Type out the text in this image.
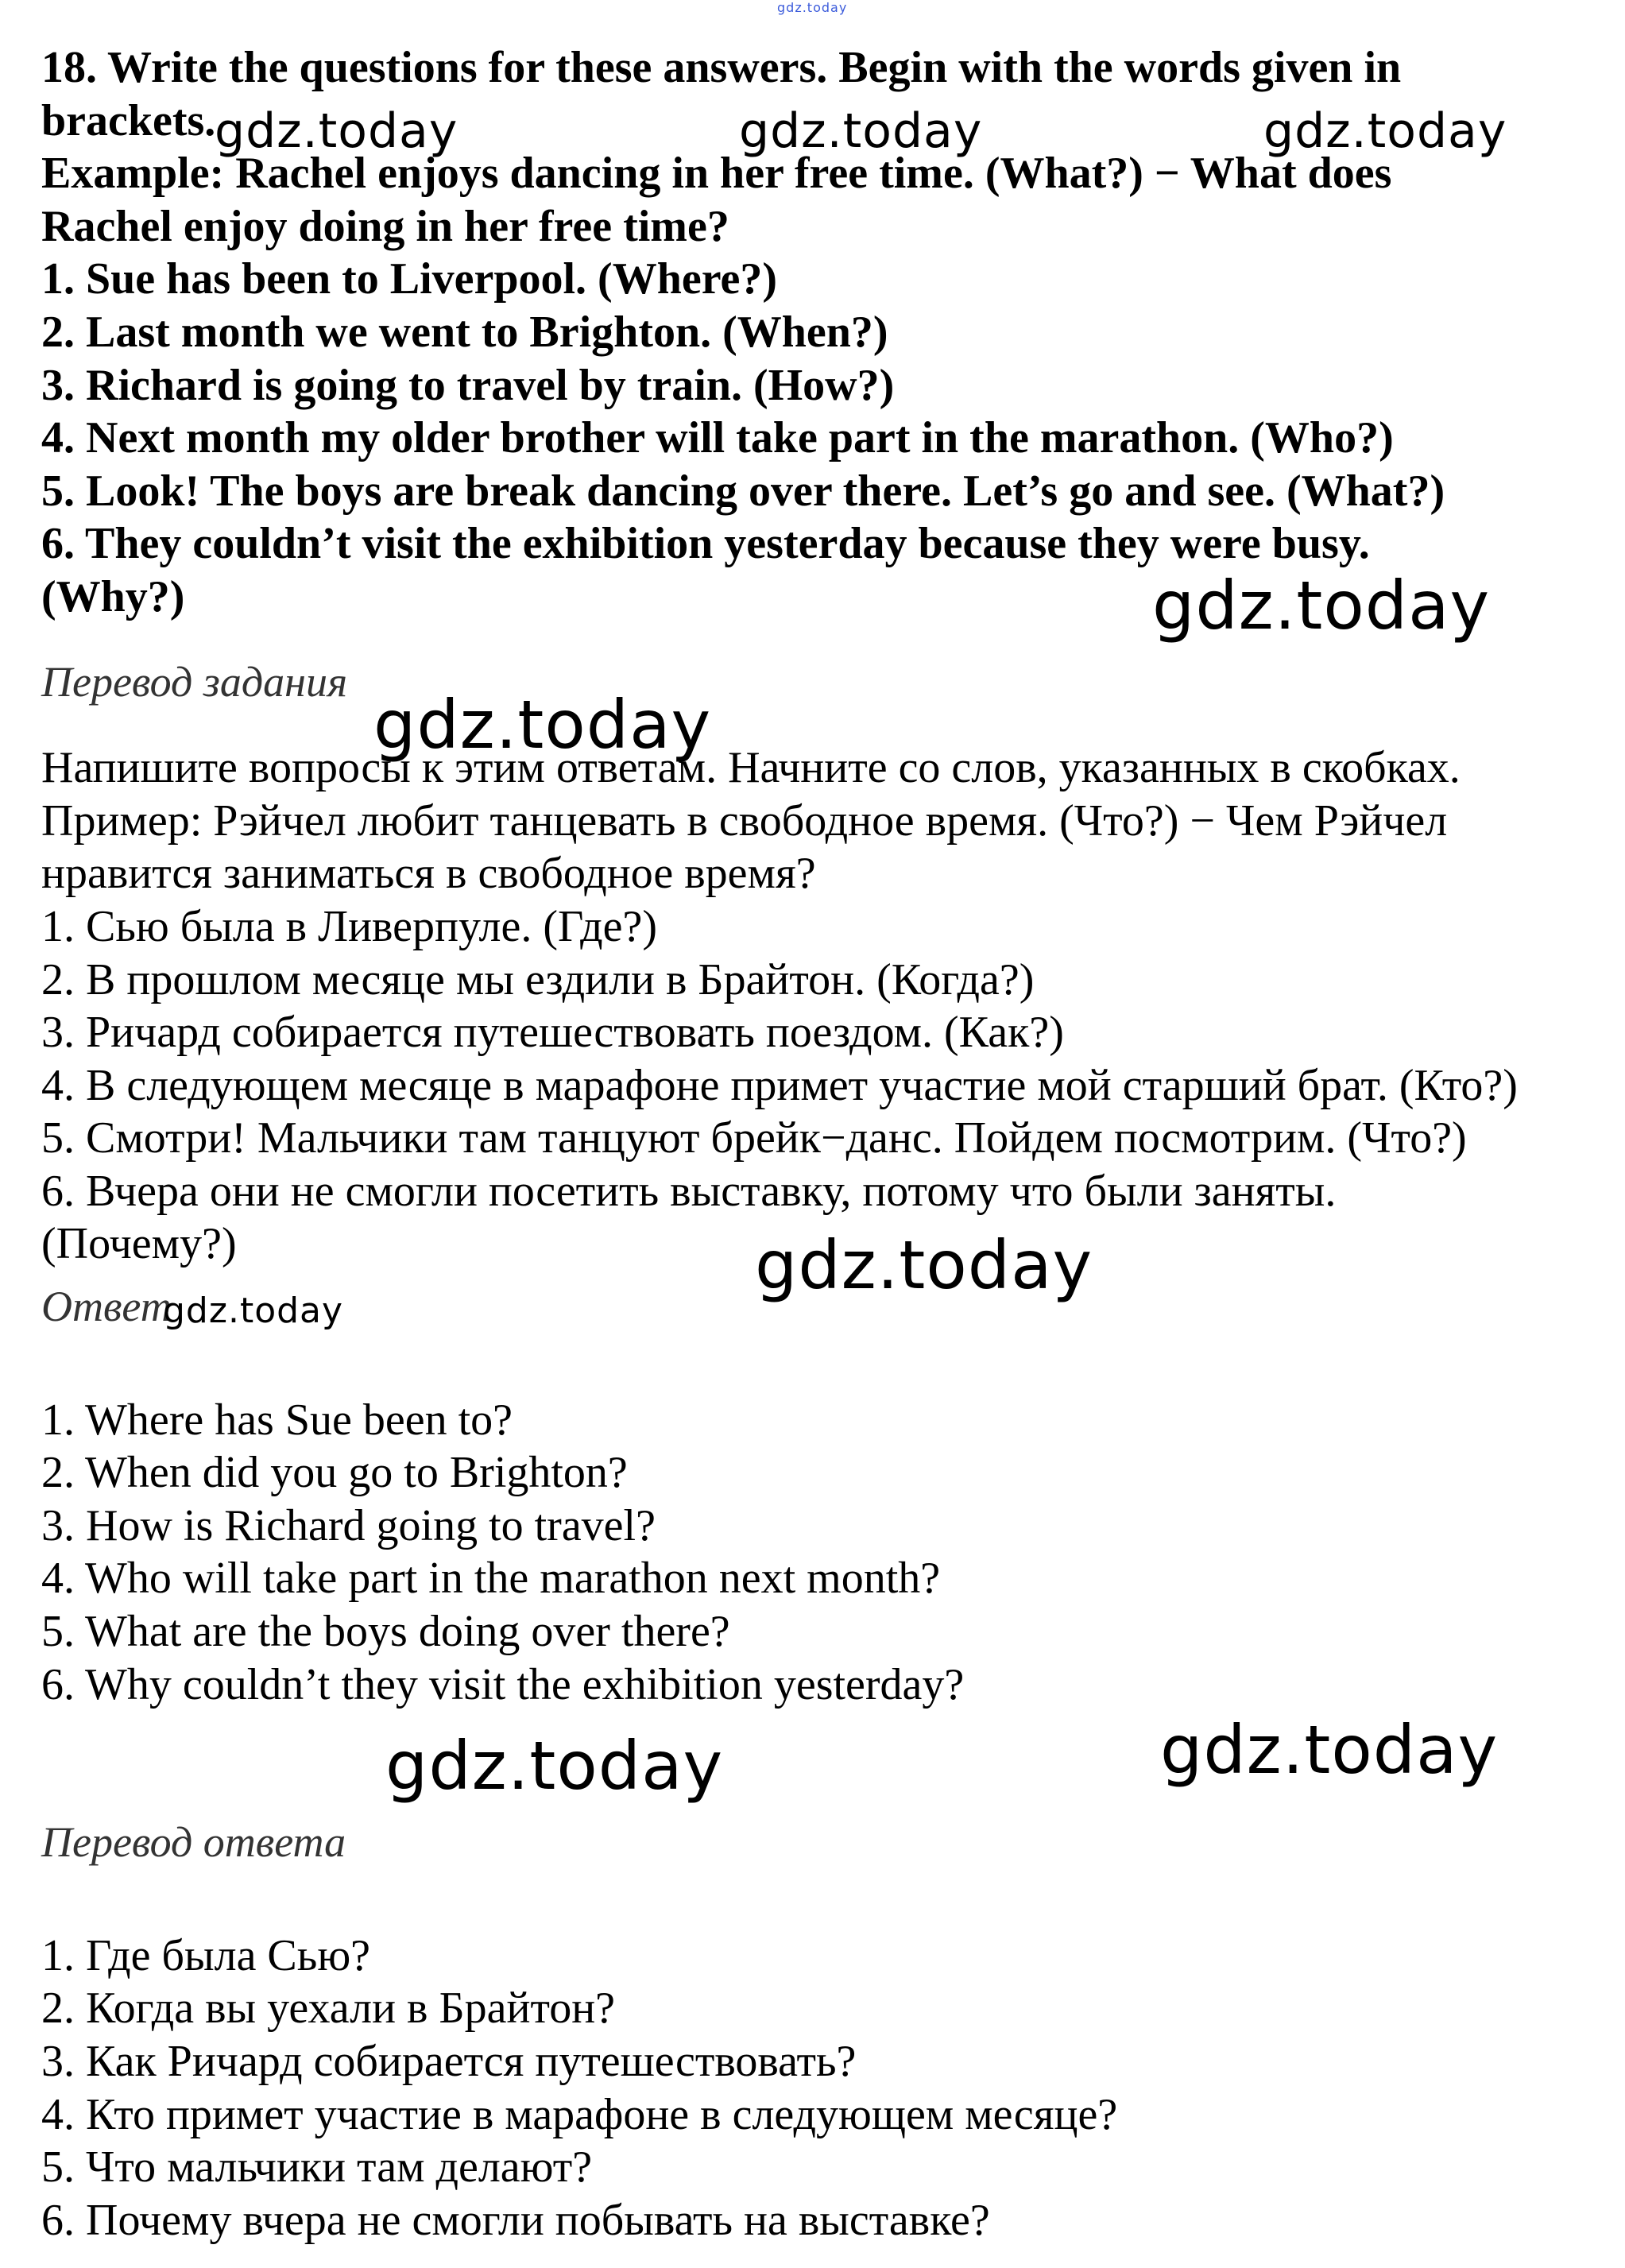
gdz.today

18. Write the questions for these answers. Begin with the words given in

brackets.

Example: Rachel enjoys dancing in her free time. (What?) − What does

Rachel enjoy doing in her free time?

1. Sue has been to Liverpool. (Where?)

2. Last month we went to Brighton. (When?)

3. Richard is going to travel by train. (How?)

4. Next month my older brother will take part in the marathon. (Who?)

5. Look! The boys are break dancing over there. Let’s go and see. (What?)

6. They couldn’t visit the exhibition yesterday because they were busy.

(Why?)

Перевод задания

Напишите вопросы к этим ответам. Начните со слов, указанных в скобках.

Пример: Рэйчел любит танцевать в свободное время. (Что?) − Чем Рэйчел

нравится заниматься в свободное время?

1. Сью была в Ливерпуле. (Где?)

2. В прошлом месяце мы ездили в Брайтон. (Когда?)

3. Ричард собирается путешествовать поездом. (Как?)

4. В следующем месяце в марафоне примет участие мой старший брат. (Кто?)

5. Смотри! Мальчики там танцуют брейк−данс. Пойдем посмотрим. (Что?)

6. Вчера они не смогли посетить выставку, потому что были заняты.

(Почему?)

Ответ

1. Where has Sue been to?

2. When did you go to Brighton?

3. How is Richard going to travel?

4. Who will take part in the marathon next month?

5. What are the boys doing over there?

6. Why couldn’t they visit the exhibition yesterday?

Перевод ответа

1. Где была Сью?

2. Когда вы уехали в Брайтон?

3. Как Ричард собирается путешествовать?

4. Кто примет участие в марафоне в следующем месяце?

5. Что мальчики там делают?

6. Почему вчера не смогли побывать на выставке?

gdz.today	gdz.today	gdz.today
gdz.today
gdz.today
gdz.today
gdz.today
gdz.today	gdz.today
